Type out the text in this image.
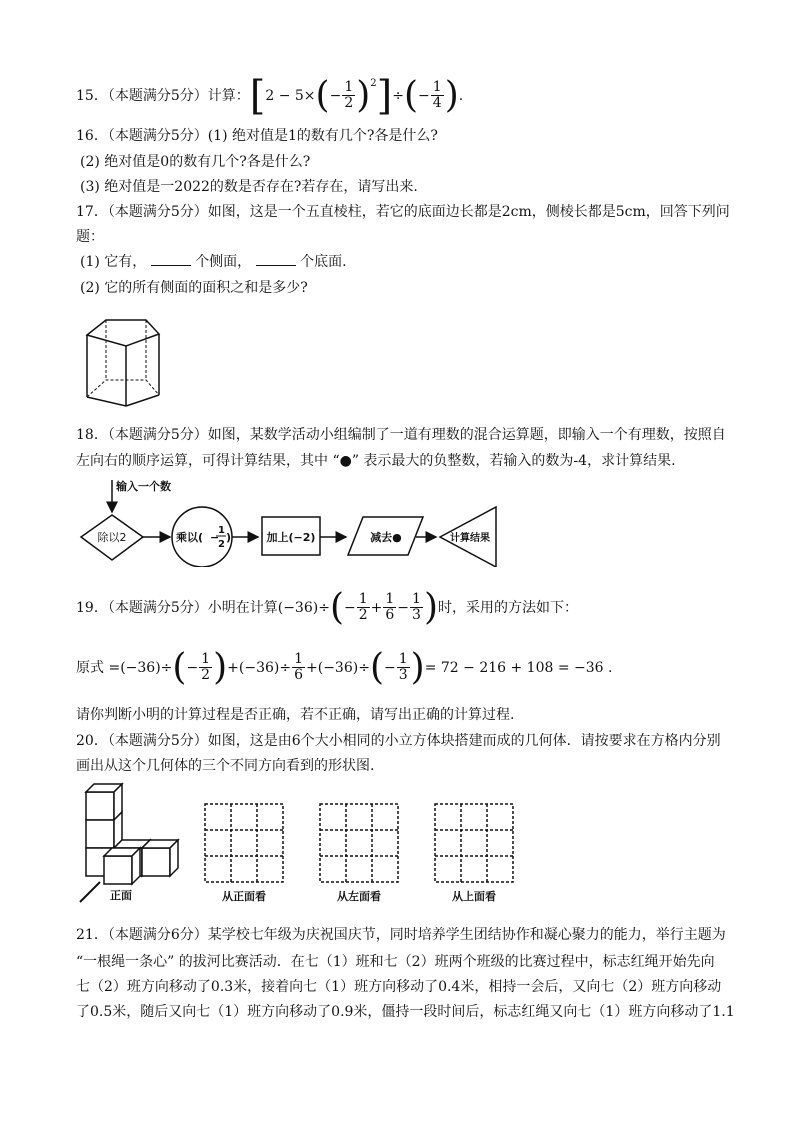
15．（本题满分5分）计算： [ 2 − 5× ( − $\frac{1}{2}$ ) 2 ] ÷ ( − $\frac{1}{4}$ ) .
16．（本题满分5分）(1) 绝对值是1的数有几个?各是什么?
(2) 绝对值是0的数有几个?各是什么?
(3) 绝对值是一2022的数是否存在?若存在，请写出来.
17．（本题满分5分）如图，这是一个五直棱柱，若它的底面边长都是2cm，侧棱长都是5cm，回答下列问
题：
(1) 它有，	个侧面，	个底面.
(2) 它的所有侧面的面积之和是多少?
18．（本题满分5分）如图，某数学活动小组编制了一道有理数的混合运算题，即输入一个有理数，按照自
左向右的顺序运算，可得计算结果，其中 “●” 表示最大的负整数，若输入的数为-4，求计算结果.
输入一个数
除以2	乘以( −
1
2
)	加上(−2)	减去●	计算结果
19．（本题满分5分）小明在计算 (−36)÷ ( − $\frac{1}{2} + \frac{1}{6} - \frac{1}{3}$ ) 时，采用的方法如下：
原式 = (−36)÷ ( − $\frac{1}{2}$ ) + $(-36)\div \frac{1}{6} + (-36)\div$ ( − $\frac{1}{3}$ ) = 72 − 216 + 108 = −36 .
请你判断小明的计算过程是否正确，若不正确，请写出正确的计算过程.
20．（本题满分5分）如图，这是由6个大小相同的小立方体块搭建而成的几何体．请按要求在方格内分别
画出从这个几何体的三个不同方向看到的形状图.
正面	从正面看	从左面看	从上面看
21．（本题满分6分）某学校七年级为庆祝国庆节，同时培养学生团结协作和凝心聚力的能力，举行主题为
“一根绳一条心” 的拔河比赛活动．在七（1）班和七（2）班两个班级的比赛过程中，标志红绳开始先向
七（2）班方向移动了0.3米，接着向七（1）班方向移动了0.4米，相持一会后，又向七（2）班方向移动
了0.5米，随后又向七（1）班方向移动了0.9米，僵持一段时间后，标志红绳又向七（1）班方向移动了1.1
